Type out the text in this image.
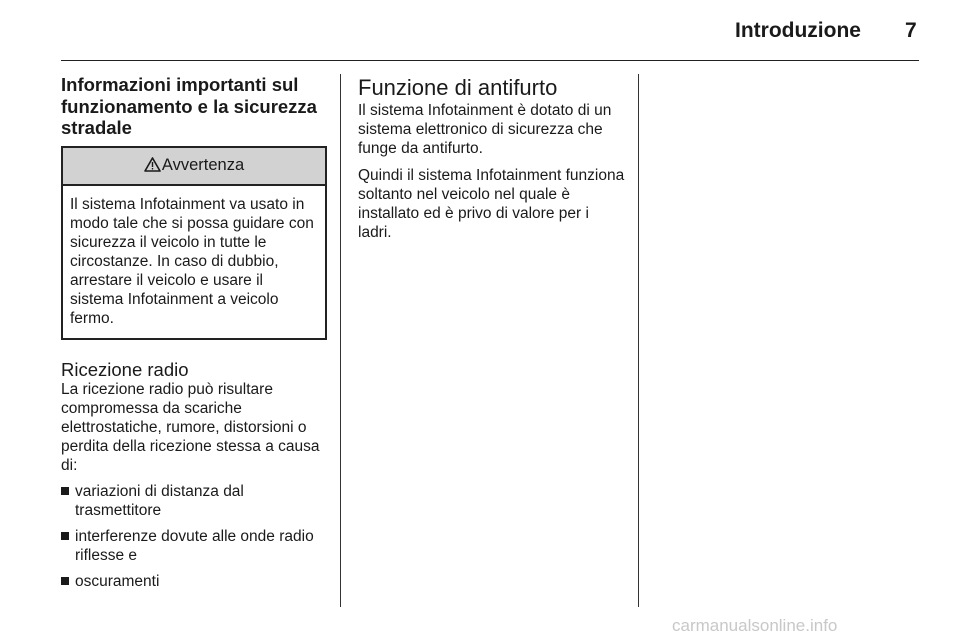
Introduzione 7
Informazioni importanti sul funzionamento e la sicurezza stradale
Avvertenza
Il sistema Infotainment va usato in modo tale che si possa guidare con sicurezza il veicolo in tutte le circostanze. In caso di dubbio, arrestare il veicolo e usare il sistema Infotainment a veicolo fermo.
Ricezione radio

La ricezione radio può risultare compromessa da scariche elettrostatiche, rumore, distorsioni o perdita della ricezione stessa a causa di:

variazioni di distanza dal trasmettitore
interferenze dovute alle onde radio riflesse e
oscuramenti
Funzione di antifurto

Il sistema Infotainment è dotato di un sistema elettronico di sicurezza che funge da antifurto.

Quindi il sistema Infotainment funziona soltanto nel veicolo nel quale è installato ed è privo di valore per i ladri.

carmanualsonline.info
